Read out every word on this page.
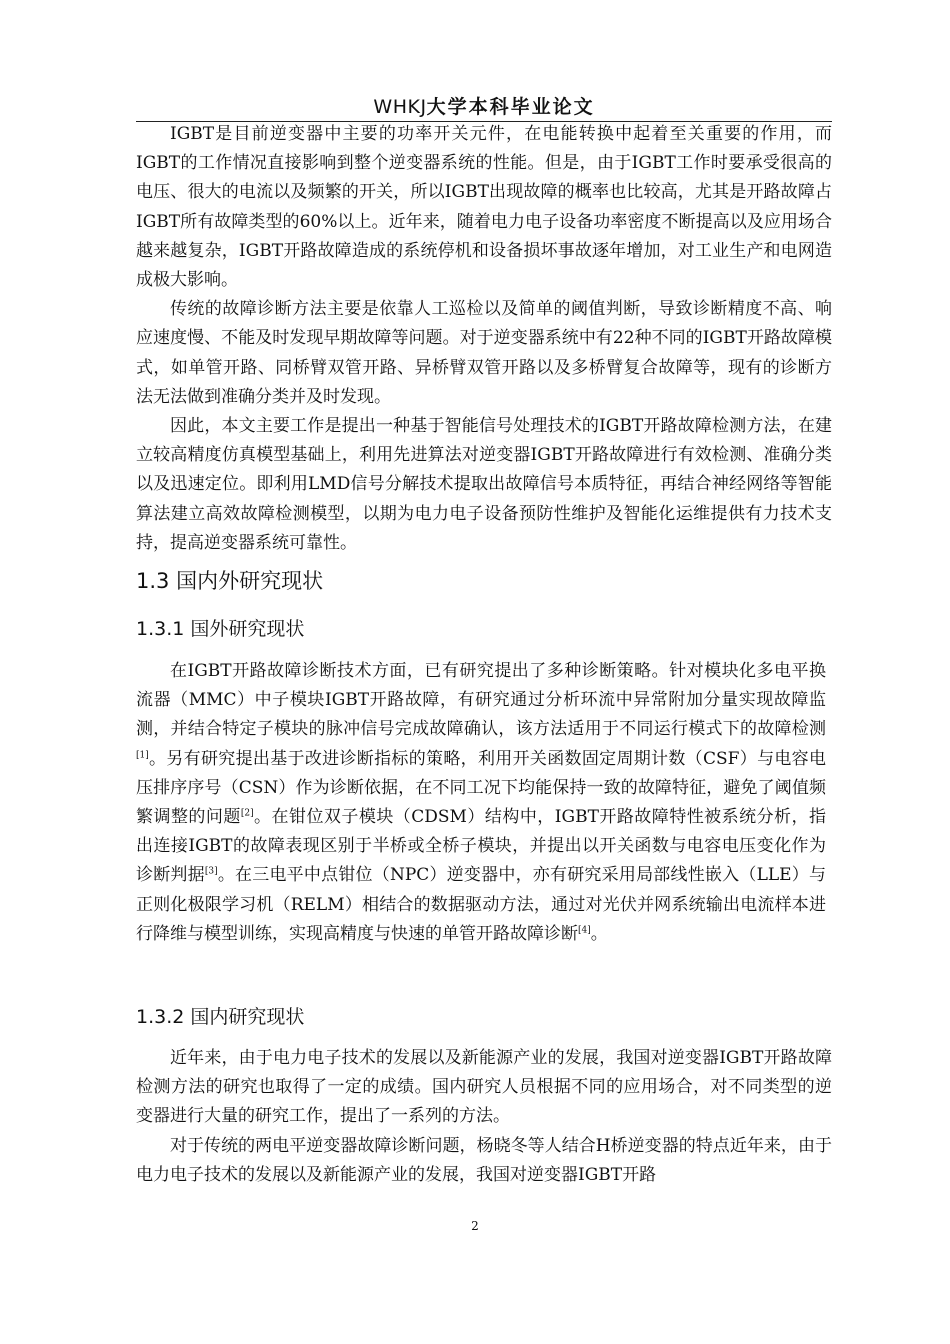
WHKJ大学本科毕业论文

IGBT是目前逆变器中主要的功率开关元件，在电能转换中起着至关重要的作用，而IGBT的工作情况直接影响到整个逆变器系统的性能。但是，由于IGBT工作时要承受很高的电压、很大的电流以及频繁的开关，所以IGBT出现故障的概率也比较高，尤其是开路故障占IGBT所有故障类型的60%以上。近年来，随着电力电子设备功率密度不断提高以及应用场合越来越复杂，IGBT开路故障造成的系统停机和设备损坏事故逐年增加，对工业生产和电网造成极大影响。

传统的故障诊断方法主要是依靠人工巡检以及简单的阈值判断，导致诊断精度不高、响应速度慢、不能及时发现早期故障等问题。对于逆变器系统中有22种不同的IGBT开路故障模式，如单管开路、同桥臂双管开路、异桥臂双管开路以及多桥臂复合故障等，现有的诊断方法无法做到准确分类并及时发现。

因此，本文主要工作是提出一种基于智能信号处理技术的IGBT开路故障检测方法，在建立较高精度仿真模型基础上，利用先进算法对逆变器IGBT开路故障进行有效检测、准确分类以及迅速定位。即利用LMD信号分解技术提取出故障信号本质特征，再结合神经网络等智能算法建立高效故障检测模型，以期为电力电子设备预防性维护及智能化运维提供有力技术支持，提高逆变器系统可靠性。

1.3 国内外研究现状
1.3.1 国外研究现状

在IGBT开路故障诊断技术方面，已有研究提出了多种诊断策略。针对模块化多电平换流器（MMC）中子模块IGBT开路故障，有研究通过分析环流中异常附加分量实现故障监测，并结合特定子模块的脉冲信号完成故障确认，该方法适用于不同运行模式下的故障检测[1]。另有研究提出基于改进诊断指标的策略，利用开关函数固定周期计数（CSF）与电容电压排序序号（CSN）作为诊断依据，在不同工况下均能保持一致的故障特征，避免了阈值频繁调整的问题[2]。在钳位双子模块（CDSM）结构中，IGBT开路故障特性被系统分析，指出连接IGBT的故障表现区别于半桥或全桥子模块，并提出以开关函数与电容电压变化作为诊断判据[3]。在三电平中点钳位（NPC）逆变器中，亦有研究采用局部线性嵌入（LLE）与正则化极限学习机（RELM）相结合的数据驱动方法，通过对光伏并网系统输出电流样本进行降维与模型训练，实现高精度与快速的单管开路故障诊断[4]。

1.3.2 国内研究现状

近年来，由于电力电子技术的发展以及新能源产业的发展，我国对逆变器IGBT开路故障检测方法的研究也取得了一定的成绩。国内研究人员根据不同的应用场合，对不同类型的逆变器进行大量的研究工作，提出了一系列的方法。

对于传统的两电平逆变器故障诊断问题，杨晓冬等人结合H桥逆变器的特点近年来，由于电力电子技术的发展以及新能源产业的发展，我国对逆变器IGBT开路

2
